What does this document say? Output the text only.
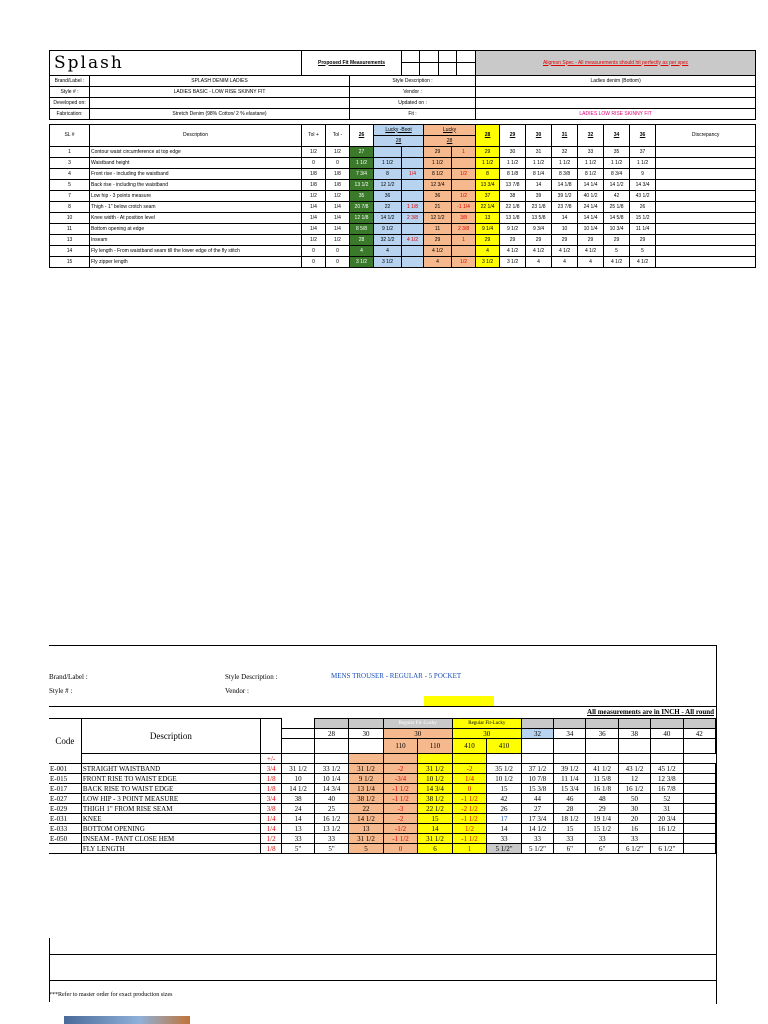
Splash		Proposed Fit Measurements							Aligmon Spec - All measurements should hit perfectly as per spec							
Brand/Label :	SPLASH DENIM LADIES			Style Description :					Ladies denim (Bottom)							
Style # :	LADIES BASIC - LOW RISE SKINNY FIT			Vendor :												
Developed on:				Updated on :												
Fabrication:	Stretch Denim (98% Cotton/ 2 % elastane)			Fit :					LADIES LOW RISE SKINNY FIT							

SL #	Description	Tol +	Tol -	26	Lucky -Boot		Lucky		28	29	30	31	32	34	36	Discrepancy
					28		28									
1	Contour waist circumference at top edge	1/2	1/2	27			29	1	29	30	31	32	33	35	37	
3	Waistband height	0	0	1 1/2	1 1/2		1 1/2		1 1/2	1 1/2	1 1/2	1 1/2	1 1/2	1 1/2	1 1/2	
4	Front rise - including the waistband	1/8	1/8	7 3/4	8	1/4	8 1/2	1/2	8	8 1/8	8 1/4	8 3/8	8 1/2	8 3/4	9	
5	Back rise - including the waistband	1/8	1/8	13 1/2	12 1/2		12 3/4		13 3/4	13 7/8	14	14 1/8	14 1/4	14 1/2	14 3/4	
7	Low hip - 3 points measure	1/2	1/2	35	36		36	1/2	37	38	39	39 1/2	40 1/2	42	43 1/2	
8	Thigh - 1" below crotch seam	1/4	1/4	20 7/8	22	1 1/8	21	-1 1/4	22 1/4	22 1/8	23 1/8	23 7/8	24 1/4	25 1/8	26	
10	Knee width - At position level	1/4	1/4	12 1/8	14 1/2	2 3/8	12 1/2	3/8	13	13 1/8	13 5/8	14	14 1/4	14 5/8	15 1/2	
11	Bottom opening at edge	1/4	1/4	8 5/8	9 1/2		11	2 3/8	9 1/4	9 1/2	9 3/4	10	10 1/4	10 3/4	11 1/4	
13	Inseam	1/2	1/2	28	32 1/2	4 1/2	29	1	29	29	29	29	29	29	29	
14	Fly length - From waistband seam till the lower edge of the fly stitch	0	0	4	4		4 1/2		4	4 1/2	4 1/2	4 1/2	4 1/2	5	5	
15	Fly zipper length	0	0	3 1/2	3 1/2		4	1/2	3 1/2	3 1/2	4	4	4	4 1/2	4 1/2	
Brand/Label :	Style Description :	MENS TROUSER - REGULAR - 5 POCKET
Style # :	Vendor :
All measurements are in INCH - All round
Code	Description					Regular Fit -Lucky		Regular Fit-Lucky							
				28	30	30		30		32	34	36	38	40	42
						110	110	410	410						
		+/-													
E-001	STRAIGHT WAISTBAND	3/4	31 1/2	33 1/2	31 1/2	-2	31 1/2	-2	35 1/2	37 1/2	39 1/2	41 1/2	43 1/2	45 1/2	
E-015	FRONT RISE TO WAIST EDGE	1/8	10	10 1/4	9 1/2	-3/4	10 1/2	1/4	10 1/2	10 7/8	11 1/4	11 5/8	12	12 3/8	
E-017	BACK RISE TO WAIST EDGE	1/8	14 1/2	14 3/4	13 1/4	-1 1/2	14 3/4	0	15	15 3/8	15 3/4	16 1/8	16 1/2	16 7/8	
E-027	LOW HIP - 3 POINT MEASURE	3/4	38	40	38 1/2	-1 1/2	38 1/2	-1 1/2	42	44	46	48	50	52	
E-029	THIGH 1" FROM RISE SEAM	3/8	24	25	22	-3	22 1/2	-2 1/2	26	27	28	29	30	31	
E-031	KNEE	1/4	14	16 1/2	14 1/2	-2	15	-1 1/2	17	17 3/4	18 1/2	19 1/4	20	20 3/4	
E-033	BOTTOM OPENING	1/4	13	13 1/2	13	-1/2	14	1/2	14	14 1/2	15	15 1/2	16	16 1/2	
E-050	INSEAM - PANT CLOSE HEM	1/2	33	33	31 1/2	-1 1/2	31 1/2	-1 1/2	33	33	33	33	33		
	FLY LENGTH	1/8	5"	5"	5	0	6	1	5 1/2"	5 1/2"	6"	6"	6 1/2"	6 1/2"	
***Refer to master order for exact production sizes
